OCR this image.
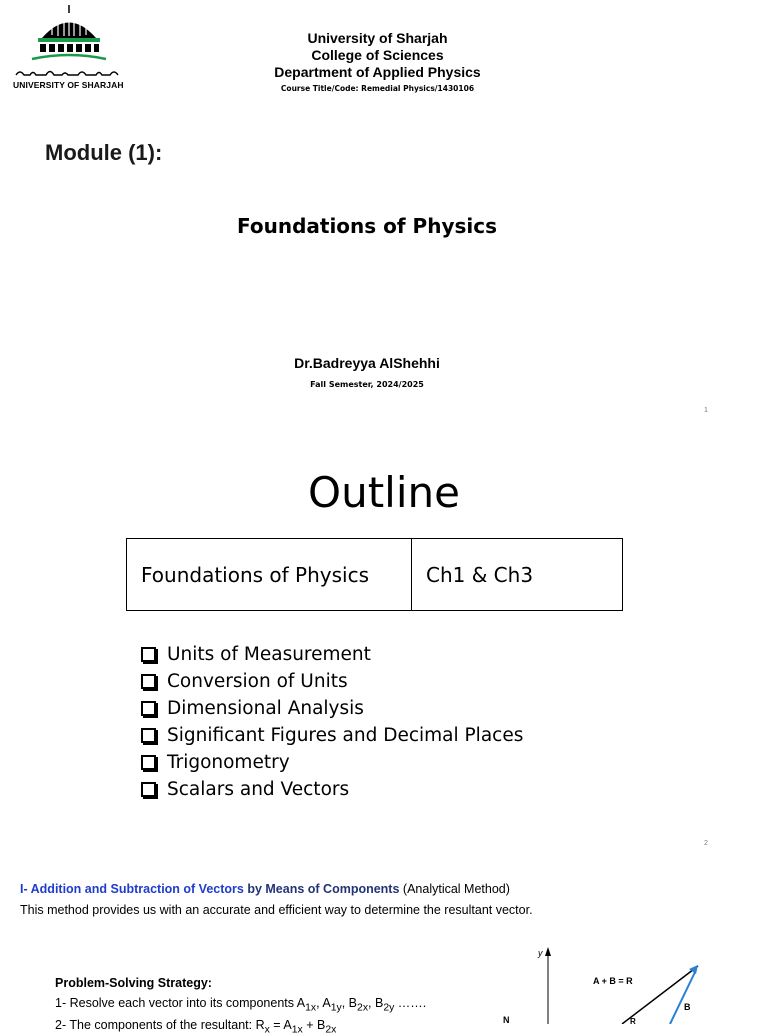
UNIVERSITY OF SHARJAH
University of Sharjah
College of Sciences
Department of Applied Physics
Course Title/Code: Remedial Physics/1430106
Module (1):
Foundations of Physics
Dr.Badreyya AlShehhi
Fall Semester, 2024/2025
1
Outline
Foundations of Physics	Ch1 & Ch3
Units of Measurement
Conversion of Units
Dimensional Analysis
Significant Figures and Decimal Places
Trigonometry
Scalars and Vectors
2
I- Addition and Subtraction of Vectors by Means of Components (Analytical Method)
This method provides us with an accurate and efficient way to determine the resultant vector.
Problem-Solving Strategy:
1- Resolve each vector into its components $A_{1x}$, $A_{1y}$, $B_{2x}$, $B_{2y}$ …….
2- The components of the resultant: $R_x = A_{1x} + B_{2x}$
y
A + B = R
B
R
N
